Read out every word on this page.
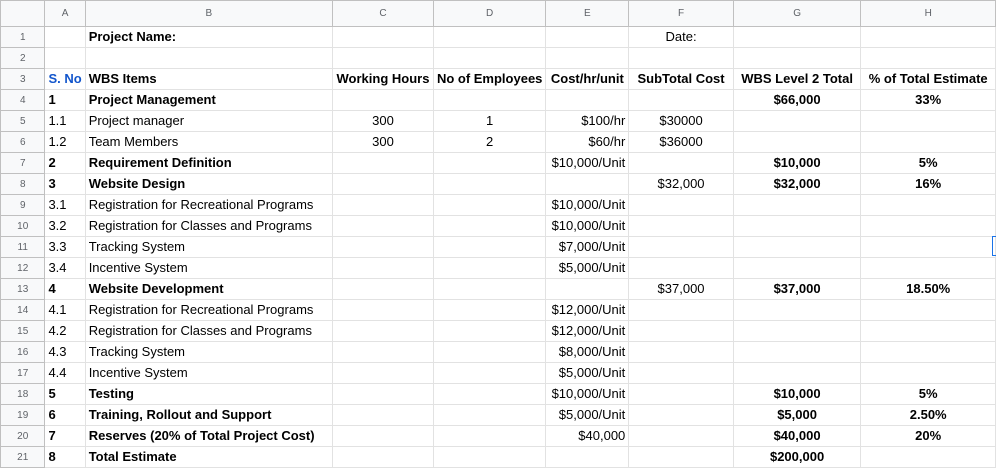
	A	B	C	D	E	F	G	H
1		Project Name:				Date:		
2								
3	S. No	WBS Items	Working Hours	No of Employees	Cost/hr/unit	SubTotal Cost	WBS Level 2 Total	% of Total Estimate
4	1	Project Management					$66,000	33%
5	1.1	Project manager	300	1	$100/hr	$30000		
6	1.2	Team Members	300	2	$60/hr	$36000		
7	2	Requirement Definition			$10,000/Unit		$10,000	5%
8	3	Website Design				$32,000	$32,000	16%
9	3.1	Registration for Recreational Programs			$10,000/Unit			
10	3.2	Registration for Classes and Programs			$10,000/Unit			
11	3.3	Tracking System			$7,000/Unit			
12	3.4	Incentive System			$5,000/Unit			
13	4	Website Development				$37,000	$37,000	18.50%
14	4.1	Registration for Recreational Programs			$12,000/Unit			
15	4.2	Registration for Classes and Programs			$12,000/Unit			
16	4.3	Tracking System			$8,000/Unit			
17	4.4	Incentive System			$5,000/Unit			
18	5	Testing			$10,000/Unit		$10,000	5%
19	6	Training, Rollout and Support			$5,000/Unit		$5,000	2.50%
20	7	Reserves (20% of Total Project Cost)			$40,000		$40,000	20%
21	8	Total Estimate					$200,000	
